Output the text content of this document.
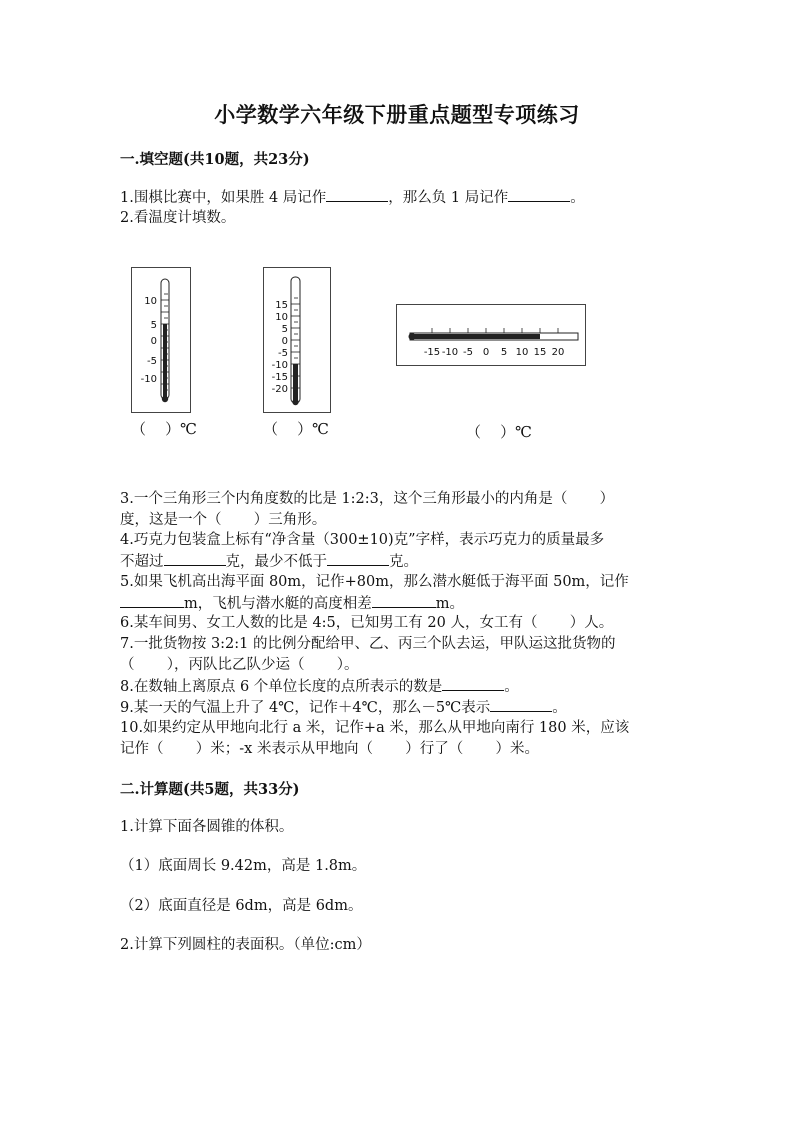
小学数学六年级下册重点题型专项练习
一.填空题(共10题，共23分)
1.围棋比赛中，如果胜 4 局记作	，那么负 1 局记作	。
2.看温度计填数。
10
5
0
-5
-10
（    ）℃
15
10
5
0
-5
-10
-15
-20
（    ）℃
-15 -10 -5 0 5 10 15 20
（    ）℃
3.一个三角形三个内角度数的比是 1:2:3，这个三角形最小的内角是（       ）
度，这是一个（       ）三角形。
4.巧克力包装盒上标有“净含量（300±10)克”字样，表示巧克力的质量最多
不超过	克，最少不低于	克。
5.如果飞机高出海平面 80m，记作+80m，那么潜水艇低于海平面 50m，记作
m，飞机与潜水艇的高度相差	m。
6.某车间男、女工人数的比是 4:5，已知男工有 20 人，女工有（       ）人。
7.一批货物按 3:2:1 的比例分配给甲、乙、丙三个队去运，甲队运这批货物的
（       ），丙队比乙队少运（       ）。
8.在数轴上离原点 6 个单位长度的点所表示的数是	。
9.某一天的气温上升了 4℃，记作＋4℃，那么－5℃表示	。
10.如果约定从甲地向北行 a 米，记作+a 米，那么从甲地向南行 180 米，应该
记作（       ）米；-x 米表示从甲地向（       ）行了（       ）米。
二.计算题(共5题，共33分)
1.计算下面各圆锥的体积。
（1）底面周长 9.42m，高是 1.8m。
（2）底面直径是 6dm，高是 6dm。
2.计算下列圆柱的表面积。（单位:cm）
